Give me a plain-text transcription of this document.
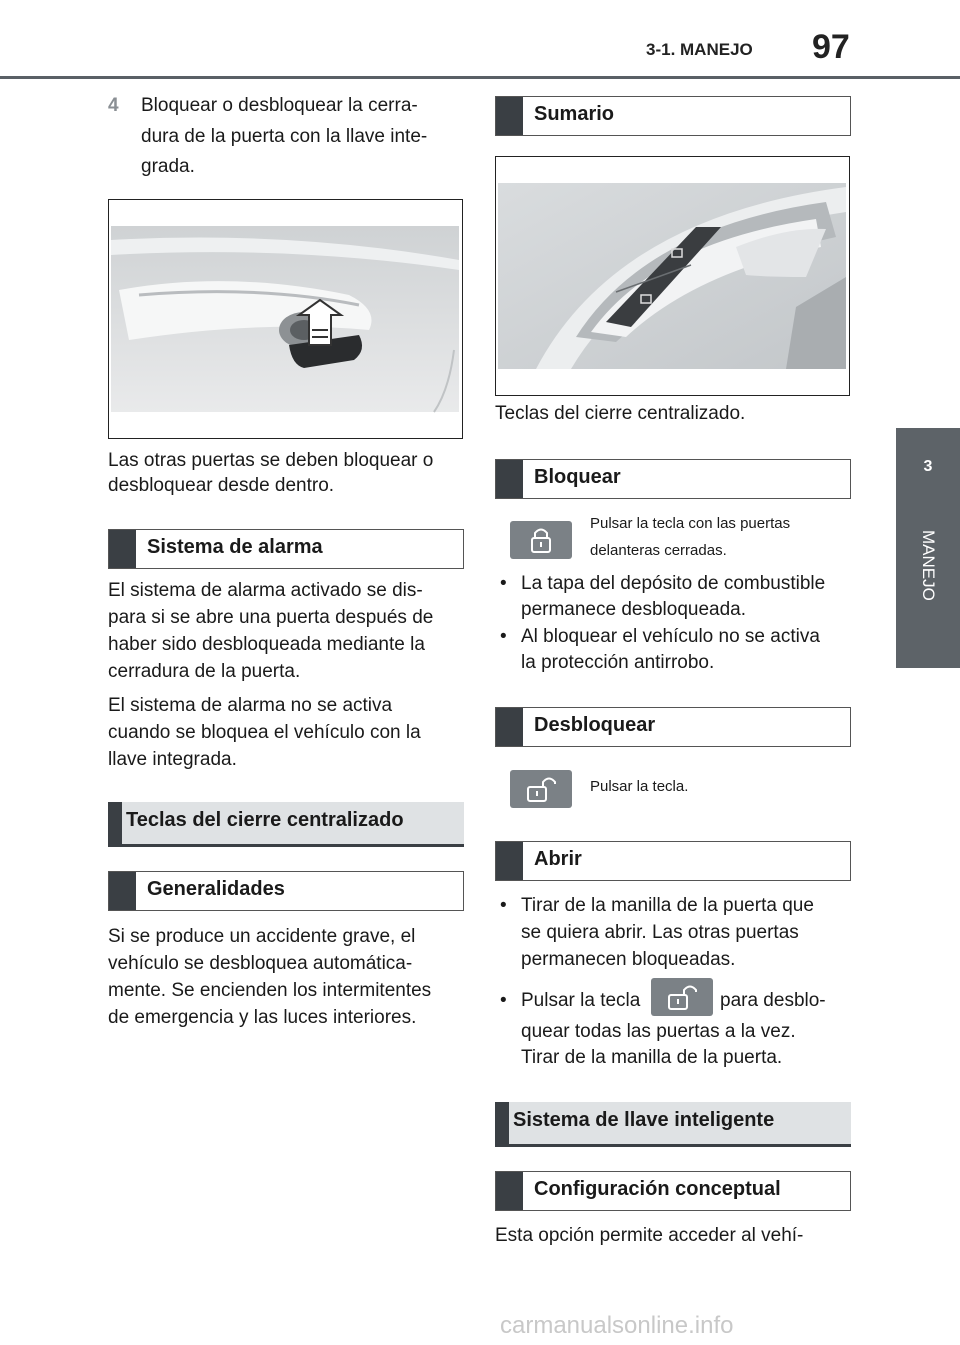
3-1. MANEJO 97
3
MANEJO
4 Bloquear o desbloquear la cerra-
dura de la puerta con la llave inte-
grada.
Las otras puertas se deben bloquear o
desbloquear desde dentro.
Sistema de alarma
El sistema de alarma activado se dis-
para si se abre una puerta después de
haber sido desbloqueada mediante la
cerradura de la puerta.
El sistema de alarma no se activa
cuando se bloquea el vehículo con la
llave integrada.
Teclas del cierre centralizado
Generalidades
Si se produce un accidente grave, el
vehículo se desbloquea automática-
mente. Se encienden los intermitentes
de emergencia y las luces interiores.
Sumario
Teclas del cierre centralizado.
Bloquear
Pulsar la tecla con las puertas
delanteras cerradas.
• La tapa del depósito de combustible
permanece desbloqueada.
• Al bloquear el vehículo no se activa
la protección antirrobo.
Desbloquear
Pulsar la tecla.
Abrir
• Tirar de la manilla de la puerta que
se quiera abrir. Las otras puertas
permanecen bloqueadas.
• Pulsar la tecla	para desblo-
quear todas las puertas a la vez.
Tirar de la manilla de la puerta.
Sistema de llave inteligente
Configuración conceptual
Esta opción permite acceder al vehí-
carmanualsonline.info
